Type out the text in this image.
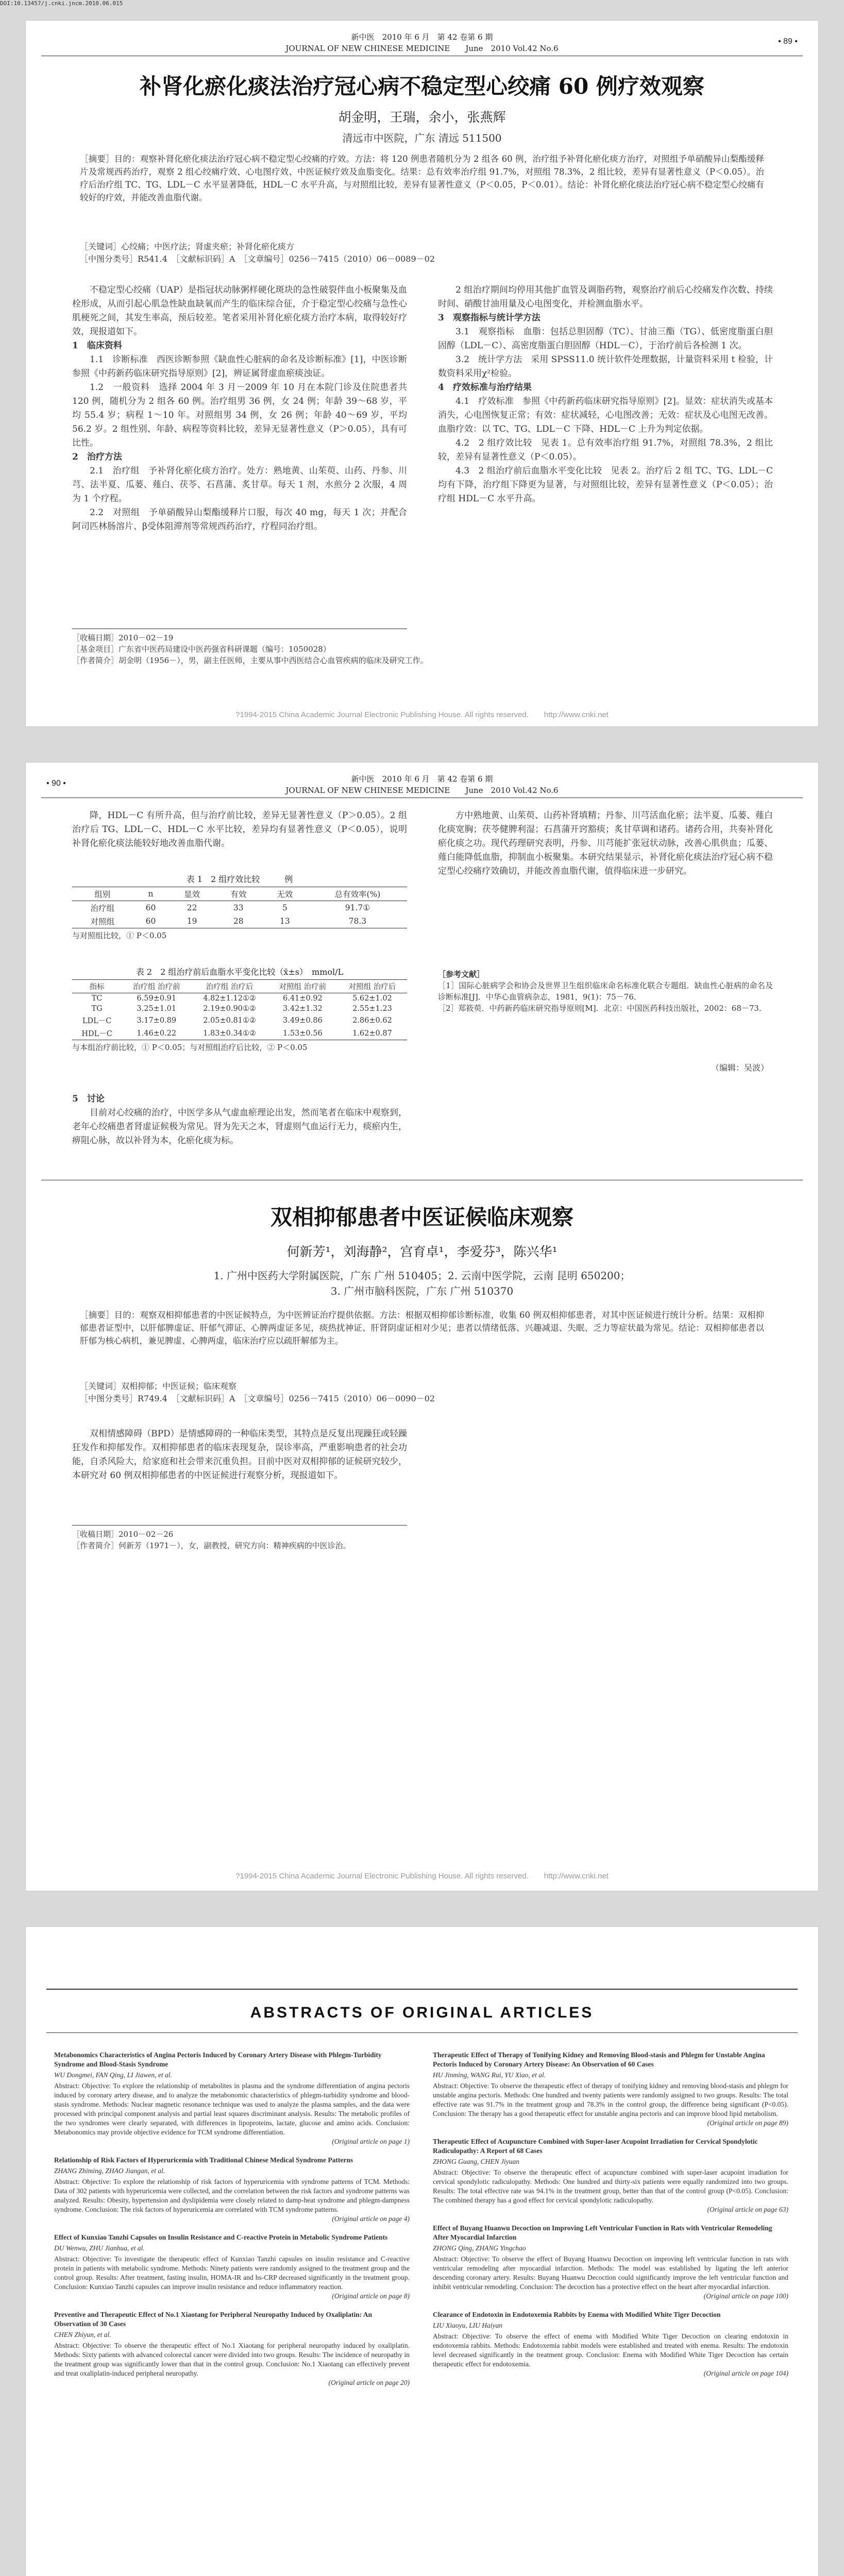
DOI:10.13457/j.cnki.jncm.2010.06.015
新中医　2010 年 6 月　第 42 卷第 6 期
JOURNAL OF NEW CHINESE MEDICINE　　June　2010 Vol.42 No.6
• 89 •
补肾化瘀化痰法治疗冠心病不稳定型心绞痛 60 例疗效观察
胡金明，王瑞，余小，张燕辉
清远市中医院，广东 清远 511500
［摘要］目的：观察补肾化瘀化痰法治疗冠心病不稳定型心绞痛的疗效。方法：将 120 例患者随机分为 2 组各 60 例，治疗组予补肾化瘀化痰方治疗，对照组予单硝酸异山梨酯缓释片及常规西药治疗，观察 2 组心绞痛疗效、心电图疗效、中医证候疗效及血脂变化。结果：总有效率治疗组 91.7%，对照组 78.3%，2 组比较，差异有显著性意义（P＜0.05）。治疗后治疗组 TC、TG、LDL－C 水平显著降低，HDL－C 水平升高，与对照组比较，差异有显著性意义（P＜0.05，P＜0.01）。结论：补肾化瘀化痰法治疗冠心病不稳定型心绞痛有较好的疗效，并能改善血脂代谢。
［关键词］心绞痛；中医疗法；肾虚夹瘀；补肾化瘀化痰方
［中图分类号］R541.4　［文献标识码］A　［文章编号］0256－7415（2010）06－0089－02

不稳定型心绞痛（UAP）是指冠状动脉粥样硬化斑块的急性破裂伴血小板聚集及血栓形成，从而引起心肌急性缺血缺氧而产生的临床综合征，介于稳定型心绞痛与急性心肌梗死之间，其发生率高，预后较差。笔者采用补肾化瘀化痰方治疗本病，取得较好疗效，现报道如下。

1　临床资料

1.1　诊断标准　西医诊断参照《缺血性心脏病的命名及诊断标准》[1]，中医诊断参照《中药新药临床研究指导原则》[2]，辨证属肾虚血瘀痰浊证。

1.2　一般资料　选择 2004 年 3 月－2009 年 10 月在本院门诊及住院患者共 120 例，随机分为 2 组各 60 例。治疗组男 36 例，女 24 例；年龄 39～68 岁，平均 55.4 岁；病程 1～10 年。对照组男 34 例，女 26 例；年龄 40～69 岁，平均 56.2 岁。2 组性别、年龄、病程等资料比较，差异无显著性意义（P＞0.05），具有可比性。

2　治疗方法

2.1　治疗组　予补肾化瘀化痰方治疗。处方：熟地黄、山茱萸、山药、丹参、川芎、法半夏、瓜蒌、薤白、茯苓、石菖蒲、炙甘草。每天 1 剂，水煎分 2 次服，4 周为 1 个疗程。

2.2　对照组　予单硝酸异山梨酯缓释片口服，每次 40 mg，每天 1 次；并配合阿司匹林肠溶片、β受体阻滞剂等常规西药治疗，疗程同治疗组。

2 组治疗期间均停用其他扩血管及调脂药物，观察治疗前后心绞痛发作次数、持续时间、硝酸甘油用量及心电图变化，并检测血脂水平。

3　观察指标与统计学方法

3.1　观察指标　血脂：包括总胆固醇（TC）、甘油三酯（TG）、低密度脂蛋白胆固醇（LDL－C）、高密度脂蛋白胆固醇（HDL－C），于治疗前后各检测 1 次。

3.2　统计学方法　采用 SPSS11.0 统计软件处理数据，计量资料采用 t 检验，计数资料采用χ²检验。

4　疗效标准与治疗结果

4.1　疗效标准　参照《中药新药临床研究指导原则》[2]。显效：症状消失或基本消失，心电图恢复正常；有效：症状减轻，心电图改善；无效：症状及心电图无改善。血脂疗效：以 TC、TG、LDL－C 下降、HDL－C 上升为判定依据。

4.2　2 组疗效比较　见表 1。总有效率治疗组 91.7%，对照组 78.3%，2 组比较，差异有显著性意义（P＜0.05）。

4.3　2 组治疗前后血脂水平变化比较　见表 2。治疗后 2 组 TC、TG、LDL－C 均有下降，治疗组下降更为显著，与对照组比较，差异有显著性意义（P＜0.05）；治疗组 HDL－C 水平升高。

［收稿日期］2010－02－19
［基金项目］广东省中医药局建设中医药强省科研课题（编号：1050028）
［作者简介］胡金明（1956－），男，副主任医师，主要从事中西医结合心血管疾病的临床及研究工作。
?1994-2015 China Academic Journal Electronic Publishing House. All rights reserved.　　http://www.cnki.net
• 90 •	新中医　2010 年 6 月　第 42 卷第 6 期
JOURNAL OF NEW CHINESE MEDICINE　　June　2010 Vol.42 No.6

降，HDL－C 有所升高，但与治疗前比较，差异无显著性意义（P＞0.05）。2 组治疗后 TG、LDL－C、HDL－C 水平比较，差异均有显著性意义（P＜0.05），说明补肾化瘀化痰法能较好地改善血脂代谢。

表 1　2 组疗效比较　　　例
组别	n	显效	有效	无效	总有效率(%)
治疗组	60	22	33	5	91.7①
对照组	60	19	28	13	78.3
与对照组比较，① P＜0.05
表 2　2 组治疗前后血脂水平变化比较（x̄±s）　mmol/L
指标	治疗组 治疗前	治疗组 治疗后	对照组 治疗前	对照组 治疗后
TC	6.59±0.91	4.82±1.12①②	6.41±0.92	5.62±1.02
TG	3.25±1.01	2.19±0.90①②	3.42±1.32	2.55±1.23
LDL－C	3.17±0.89	2.05±0.81①②	3.49±0.86	2.86±0.62
HDL－C	1.46±0.22	1.83±0.34①②	1.53±0.56	1.62±0.87
与本组治疗前比较，① P＜0.05；与对照组治疗后比较，② P＜0.05

5　讨论

目前对心绞痛的治疗，中医学多从气虚血瘀理论出发，然而笔者在临床中观察到，老年心绞痛患者肾虚证候极为常见。肾为先天之本，肾虚则气血运行无力，痰瘀内生，痹阻心脉，故以补肾为本，化瘀化痰为标。

方中熟地黄、山茱萸、山药补肾填精；丹参、川芎活血化瘀；法半夏、瓜蒌、薤白化痰宽胸；茯苓健脾利湿；石菖蒲开窍豁痰；炙甘草调和诸药。诸药合用，共奏补肾化瘀化痰之功。现代药理研究表明，丹参、川芎能扩张冠状动脉，改善心肌供血；瓜蒌、薤白能降低血脂，抑制血小板聚集。本研究结果显示，补肾化瘀化痰法治疗冠心病不稳定型心绞痛疗效确切，并能改善血脂代谢，值得临床进一步研究。

［参考文献］

［1］国际心脏病学会和协会及世界卫生组织临床命名标准化联合专题组．缺血性心脏病的命名及诊断标准[J]．中华心血管病杂志，1981，9(1)：75－76．

［2］郑筱萸．中药新药临床研究指导原则[M]．北京：中国医药科技出版社，2002：68－73．

（编辑：吴波）
双相抑郁患者中医证候临床观察
何新芳¹，刘海静²，宫育卓¹，李爱芬³，陈兴华¹
1. 广州中医药大学附属医院，广东 广州 510405；2. 云南中医学院，云南 昆明 650200；
3. 广州市脑科医院，广东 广州 510370
［摘要］目的：观察双相抑郁患者的中医证候特点，为中医辨证治疗提供依据。方法：根据双相抑郁诊断标准，收集 60 例双相抑郁患者，对其中医证候进行统计分析。结果：双相抑郁患者证型中，以肝郁脾虚证、肝郁气滞证、心脾两虚证多见，痰热扰神证、肝肾阴虚证相对少见；患者以情绪低落、兴趣减退、失眠、乏力等症状最为常见。结论：双相抑郁患者以肝郁为核心病机，兼见脾虚、心脾两虚，临床治疗应以疏肝解郁为主。
［关键词］双相抑郁；中医证候；临床观察
［中图分类号］R749.4　［文献标识码］A　［文章编号］0256－7415（2010）06－0090－02

双相情感障碍（BPD）是情感障碍的一种临床类型，其特点是反复出现躁狂或轻躁狂发作和抑郁发作。双相抑郁患者的临床表现复杂，误诊率高，严重影响患者的社会功能，自杀风险大，给家庭和社会带来沉重负担。目前中医对双相抑郁的证候研究较少，本研究对 60 例双相抑郁患者的中医证候进行观察分析，现报道如下。

［收稿日期］2010－02－26
［作者简介］何新芳（1971－），女，副教授，研究方向：精神疾病的中医诊治。
?1994-2015 China Academic Journal Electronic Publishing House. All rights reserved.　　http://www.cnki.net
ABSTRACTS OF ORIGINAL ARTICLES
Metabonomics Characteristics of Angina Pectoris Induced by Coronary Artery Disease with Phlegm-Turbidity Syndrome and Blood-Stasis Syndrome
WU Dongmei, FAN Qing, LI Jiawen, et al.
Abstract: Objective: To explore the relationship of metabolites in plasma and the syndrome differentiation of angina pectoris induced by coronary artery disease, and to analyze the metabonomic characteristics of phlegm-turbidity syndrome and blood-stasis syndrome. Methods: Nuclear magnetic resonance technique was used to analyze the plasma samples, and the data were processed with principal component analysis and partial least squares discriminant analysis. Results: The metabolic profiles of the two syndromes were clearly separated, with differences in lipoproteins, lactate, glucose and amino acids. Conclusion: Metabonomics may provide objective evidence for TCM syndrome differentiation.
(Original article on page 1)
Relationship of Risk Factors of Hyperuricemia with Traditional Chinese Medical Syndrome Patterns
ZHANG Zhiming, ZHAO Jiangan, et al.
Abstract: Objective: To explore the relationship of risk factors of hyperuricemia with syndrome patterns of TCM. Methods: Data of 302 patients with hyperuricemia were collected, and the correlation between the risk factors and syndrome patterns was analyzed. Results: Obesity, hypertension and dyslipidemia were closely related to damp-heat syndrome and phlegm-dampness syndrome. Conclusion: The risk factors of hyperuricemia are correlated with TCM syndrome patterns.
(Original article on page 4)
Effect of Kunxiao Tanzhi Capsules on Insulin Resistance and C-reactive Protein in Metabolic Syndrome Patients
DU Wenwu, ZHU Jianhua, et al.
Abstract: Objective: To investigate the therapeutic effect of Kunxiao Tanzhi capsules on insulin resistance and C-reactive protein in patients with metabolic syndrome. Methods: Ninety patients were randomly assigned to the treatment group and the control group. Results: After treatment, fasting insulin, HOMA-IR and hs-CRP decreased significantly in the treatment group. Conclusion: Kunxiao Tanzhi capsules can improve insulin resistance and reduce inflammatory reaction.
(Original article on page 8)
Preventive and Therapeutic Effect of No.1 Xiaotang for Peripheral Neuropathy Induced by Oxaliplatin: An Observation of 30 Cases
CHEN Zhiyun, et al.
Abstract: Objective: To observe the therapeutic effect of No.1 Xiaotang for peripheral neuropathy induced by oxaliplatin. Methods: Sixty patients with advanced colorectal cancer were divided into two groups. Results: The incidence of neuropathy in the treatment group was significantly lower than that in the control group. Conclusion: No.1 Xiaotang can effectively prevent and treat oxaliplatin-induced peripheral neuropathy.
(Original article on page 20)
Therapeutic Effect of Therapy of Tonifying Kidney and Removing Blood-stasis and Phlegm for Unstable Angina Pectoris Induced by Coronary Artery Disease: An Observation of 60 Cases
HU Jinming, WANG Rui, YU Xiao, et al.
Abstract: Objective: To observe the therapeutic effect of therapy of tonifying kidney and removing blood-stasis and phlegm for unstable angina pectoris. Methods: One hundred and twenty patients were randomly assigned to two groups. Results: The total effective rate was 91.7% in the treatment group and 78.3% in the control group, the difference being significant (P<0.05). Conclusion: The therapy has a good therapeutic effect for unstable angina pectoris and can improve blood lipid metabolism.
(Original article on page 89)
Therapeutic Effect of Acupuncture Combined with Super-laser Acupoint Irradiation for Cervical Spondylotic Radiculopathy: A Report of 68 Cases
ZHONG Guang, CHEN Jiyuan
Abstract: Objective: To observe the therapeutic effect of acupuncture combined with super-laser acupoint irradiation for cervical spondylotic radiculopathy. Methods: One hundred and thirty-six patients were equally randomized into two groups. Results: The total effective rate was 94.1% in the treatment group, better than that of the control group (P<0.05). Conclusion: The combined therapy has a good effect for cervical spondylotic radiculopathy.
(Original article on page 63)
Effect of Buyang Huanwu Decoction on Improving Left Ventricular Function in Rats with Ventricular Remodeling After Myocardial Infarction
ZHONG Qing, ZHANG Yingchao
Abstract: Objective: To observe the effect of Buyang Huanwu Decoction on improving left ventricular function in rats with ventricular remodeling after myocardial infarction. Methods: The model was established by ligating the left anterior descending coronary artery. Results: Buyang Huanwu Decoction could significantly improve the left ventricular function and inhibit ventricular remodeling. Conclusion: The decoction has a protective effect on the heart after myocardial infarction.
(Original article on page 100)
Clearance of Endotoxin in Endotoxemia Rabbits by Enema with Modified White Tiger Decoction
LIU Xiaoyu, LIU Haiyan
Abstract: Objective: To observe the effect of enema with Modified White Tiger Decoction on clearing endotoxin in endotoxemia rabbits. Methods: Endotoxemia rabbit models were established and treated with enema. Results: The endotoxin level decreased significantly in the treatment group. Conclusion: Enema with Modified White Tiger Decoction has certain therapeutic effect for endotoxemia.
(Original article on page 104)
